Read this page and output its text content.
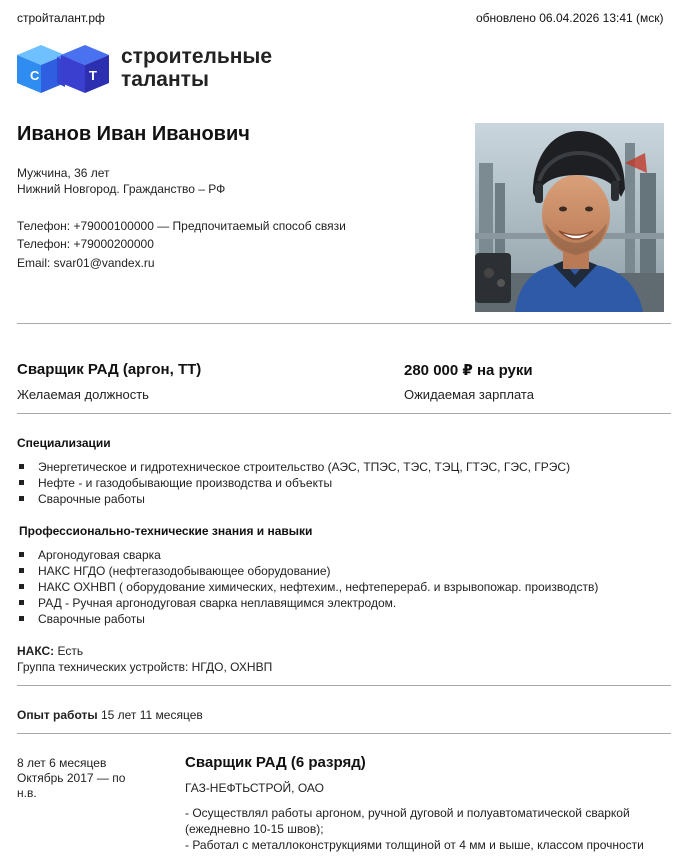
стройталант.рф	обновлено 06.04.2026 13:41 (мск)
С	Т
строительные
таланты
Иванов Иван Иванович
Мужчина, 36 лет
Нижний Новгород. Гражданство – РФ
Телефон: +79000100000 — Предпочитаемый способ связи
Телефон: +79000200000
Email: svar01@vandex.ru
Сварщик РАД (аргон, ТТ)
Желаемая должность
280 000 ₽ на руки
Ожидаемая зарплата
Специализации
Энергетическое и гидротехническое строительство (АЭС, ТПЭС, ТЭС, ТЭЦ, ГТЭС, ГЭС, ГРЭС)
Нефте - и газодобывающие производства и объекты
Сварочные работы
Профессионально-технические знания и навыки
Аргонодуговая сварка
НАКС НГДО (нефтегазодобывающее оборудование)
НАКС ОХНВП ( оборудование химических, нефтехим., нефтеперераб. и взрывопожар. производств)
РАД - Ручная аргонодуговая сварка неплавящимся электродом.
Сварочные работы
НАКС: Есть
Группа технических устройств: НГДО, ОХНВП
Опыт работы 15 лет 11 месяцев
8 лет 6 месяцев
Октябрь 2017 — по н.в.
Сварщик РАД (6 разряд)
ГАЗ-НЕФТЬСТРОЙ, ОАО
- Осуществлял работы аргоном, ручной дуговой и полуавтоматической сваркой (ежедневно 10-15 швов);
- Работал с металлоконструкциями толщиной от 4 мм и выше, классом прочности
